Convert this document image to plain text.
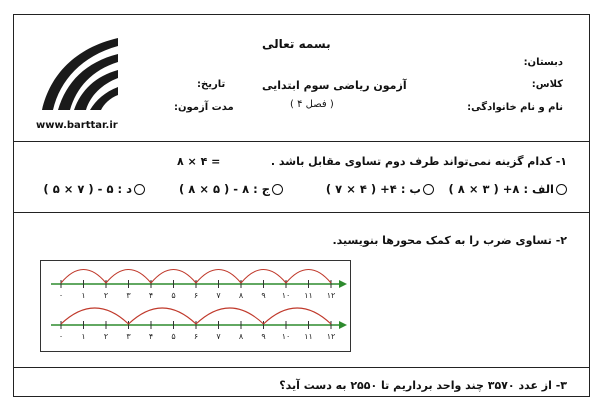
بسمه تعالی
دبستان:
کلاس:
نام و نام خانوادگی:
آزمون ریاضی سوم ابتدایی
( فصل ۴ )
تاریخ:
مدت آزمون:
www.barttar.ir
۱- کدام گزینه نمی‌تواند طرف دوم تساوی مقابل باشد .
۸ × ۴ =
الف : ۸+ ( ۳ × ۸ )
ب : ۴+ ( ۴ × ۷ )
ج : ۸ - ( ۵ × ۸ )
د : ۵ - ( ۷ × ۵ )
۲- تساوی ضرب را به کمک محورها بنویسید.
۰ ۱ ۲ ۳ ۴ ۵ ۶ ۷ ۸ ۹ ۱۰ ۱۱ ۱۲
۰ ۱ ۲ ۳ ۴ ۵ ۶ ۷ ۸ ۹ ۱۰ ۱۱ ۱۲
۳- از عدد ۳۵۷۰ چند واحد برداریم تا ۲۵۵۰ به دست آید؟
